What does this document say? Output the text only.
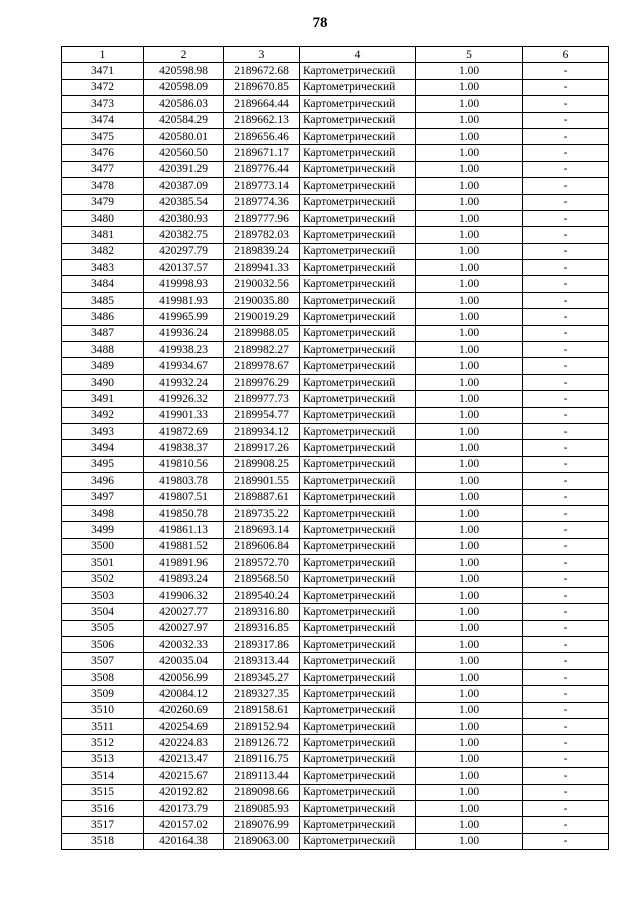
78
1	2	3	4	5	6
3471	420598.98	2189672.68	Картометрический	1.00	-
3472	420598.09	2189670.85	Картометрический	1.00	-
3473	420586.03	2189664.44	Картометрический	1.00	-
3474	420584.29	2189662.13	Картометрический	1.00	-
3475	420580.01	2189656.46	Картометрический	1.00	-
3476	420560.50	2189671.17	Картометрический	1.00	-
3477	420391.29	2189776.44	Картометрический	1.00	-
3478	420387.09	2189773.14	Картометрический	1.00	-
3479	420385.54	2189774.36	Картометрический	1.00	-
3480	420380.93	2189777.96	Картометрический	1.00	-
3481	420382.75	2189782.03	Картометрический	1.00	-
3482	420297.79	2189839.24	Картометрический	1.00	-
3483	420137.57	2189941.33	Картометрический	1.00	-
3484	419998.93	2190032.56	Картометрический	1.00	-
3485	419981.93	2190035.80	Картометрический	1.00	-
3486	419965.99	2190019.29	Картометрический	1.00	-
3487	419936.24	2189988.05	Картометрический	1.00	-
3488	419938.23	2189982.27	Картометрический	1.00	-
3489	419934.67	2189978.67	Картометрический	1.00	-
3490	419932.24	2189976.29	Картометрический	1.00	-
3491	419926.32	2189977.73	Картометрический	1.00	-
3492	419901.33	2189954.77	Картометрический	1.00	-
3493	419872.69	2189934.12	Картометрический	1.00	-
3494	419838.37	2189917.26	Картометрический	1.00	-
3495	419810.56	2189908.25	Картометрический	1.00	-
3496	419803.78	2189901.55	Картометрический	1.00	-
3497	419807.51	2189887.61	Картометрический	1.00	-
3498	419850.78	2189735.22	Картометрический	1.00	-
3499	419861.13	2189693.14	Картометрический	1.00	-
3500	419881.52	2189606.84	Картометрический	1.00	-
3501	419891.96	2189572.70	Картометрический	1.00	-
3502	419893.24	2189568.50	Картометрический	1.00	-
3503	419906.32	2189540.24	Картометрический	1.00	-
3504	420027.77	2189316.80	Картометрический	1.00	-
3505	420027.97	2189316.85	Картометрический	1.00	-
3506	420032.33	2189317.86	Картометрический	1.00	-
3507	420035.04	2189313.44	Картометрический	1.00	-
3508	420056.99	2189345.27	Картометрический	1.00	-
3509	420084.12	2189327.35	Картометрический	1.00	-
3510	420260.69	2189158.61	Картометрический	1.00	-
3511	420254.69	2189152.94	Картометрический	1.00	-
3512	420224.83	2189126.72	Картометрический	1.00	-
3513	420213.47	2189116.75	Картометрический	1.00	-
3514	420215.67	2189113.44	Картометрический	1.00	-
3515	420192.82	2189098.66	Картометрический	1.00	-
3516	420173.79	2189085.93	Картометрический	1.00	-
3517	420157.02	2189076.99	Картометрический	1.00	-
3518	420164.38	2189063.00	Картометрический	1.00	-
